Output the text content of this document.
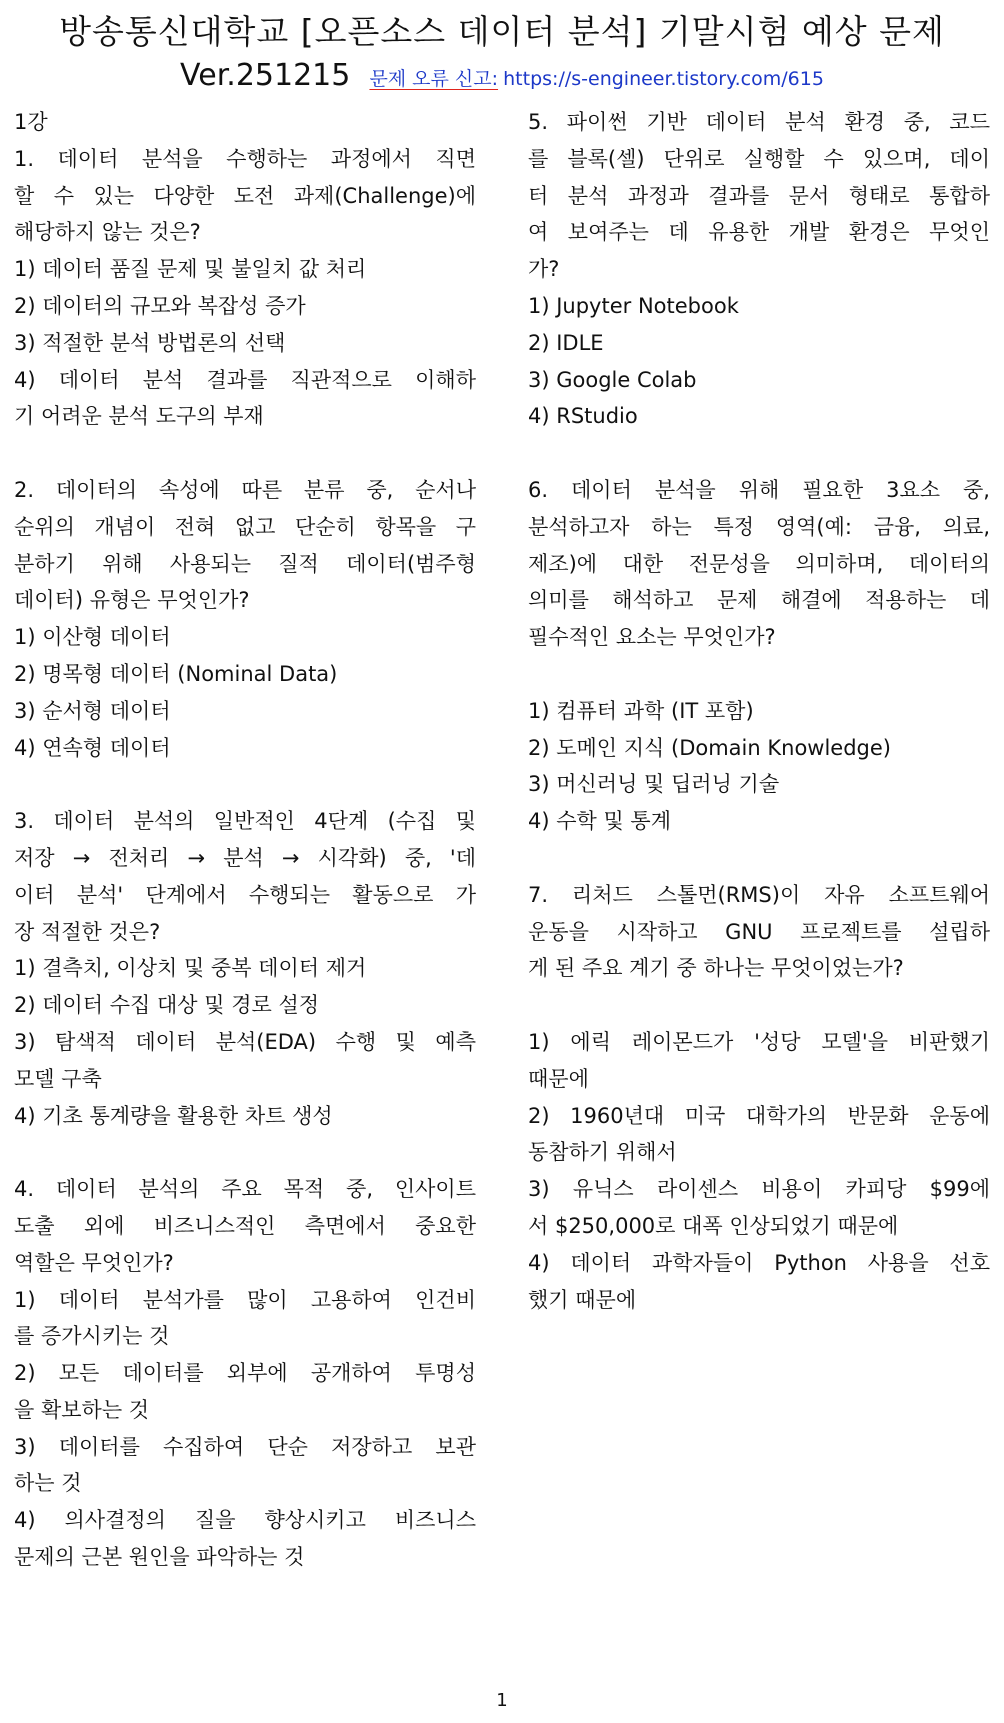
방송통신대학교 [오픈소스 데이터 분석] 기말시험 예상 문제
Ver.251215 문제 오류 신고: https://s-engineer.tistory.com/615
1강
1. 데이터 분석을 수행하는 과정에서 직면
할 수 있는 다양한 도전 과제(Challenge)에
해당하지 않는 것은?
1) 데이터 품질 문제 및 불일치 값 처리
2) 데이터의 규모와 복잡성 증가
3) 적절한 분석 방법론의 선택
4) 데이터 분석 결과를 직관적으로 이해하
기 어려운 분석 도구의 부재
2. 데이터의 속성에 따른 분류 중, 순서나
순위의 개념이 전혀 없고 단순히 항목을 구
분하기 위해 사용되는 질적 데이터(범주형
데이터) 유형은 무엇인가?
1) 이산형 데이터
2) 명목형 데이터 (Nominal Data)
3) 순서형 데이터
4) 연속형 데이터
3. 데이터 분석의 일반적인 4단계 (수집 및
저장 → 전처리 → 분석 → 시각화) 중, '데
이터 분석' 단계에서 수행되는 활동으로 가
장 적절한 것은?
1) 결측치, 이상치 및 중복 데이터 제거
2) 데이터 수집 대상 및 경로 설정
3) 탐색적 데이터 분석(EDA) 수행 및 예측
모델 구축
4) 기초 통계량을 활용한 차트 생성
4. 데이터 분석의 주요 목적 중, 인사이트
도출 외에 비즈니스적인 측면에서 중요한
역할은 무엇인가?
1) 데이터 분석가를 많이 고용하여 인건비
를 증가시키는 것
2) 모든 데이터를 외부에 공개하여 투명성
을 확보하는 것
3) 데이터를 수집하여 단순 저장하고 보관
하는 것
4) 의사결정의 질을 향상시키고 비즈니스
문제의 근본 원인을 파악하는 것
5. 파이썬 기반 데이터 분석 환경 중, 코드
를 블록(셀) 단위로 실행할 수 있으며, 데이
터 분석 과정과 결과를 문서 형태로 통합하
여 보여주는 데 유용한 개발 환경은 무엇인
가?
1) Jupyter Notebook
2) IDLE
3) Google Colab
4) RStudio
6. 데이터 분석을 위해 필요한 3요소 중,
분석하고자 하는 특정 영역(예: 금융, 의료,
제조)에 대한 전문성을 의미하며, 데이터의
의미를 해석하고 문제 해결에 적용하는 데
필수적인 요소는 무엇인가?
1) 컴퓨터 과학 (IT 포함)
2) 도메인 지식 (Domain Knowledge)
3) 머신러닝 및 딥러닝 기술
4) 수학 및 통계
7. 리처드 스톨먼(RMS)이 자유 소프트웨어
운동을 시작하고 GNU 프로젝트를 설립하
게 된 주요 계기 중 하나는 무엇이었는가?
1) 에릭 레이몬드가 '성당 모델'을 비판했기
때문에
2) 1960년대 미국 대학가의 반문화 운동에
동참하기 위해서
3) 유닉스 라이센스 비용이 카피당 $99에
서 $250,000로 대폭 인상되었기 때문에
4) 데이터 과학자들이 Python 사용을 선호
했기 때문에
1
